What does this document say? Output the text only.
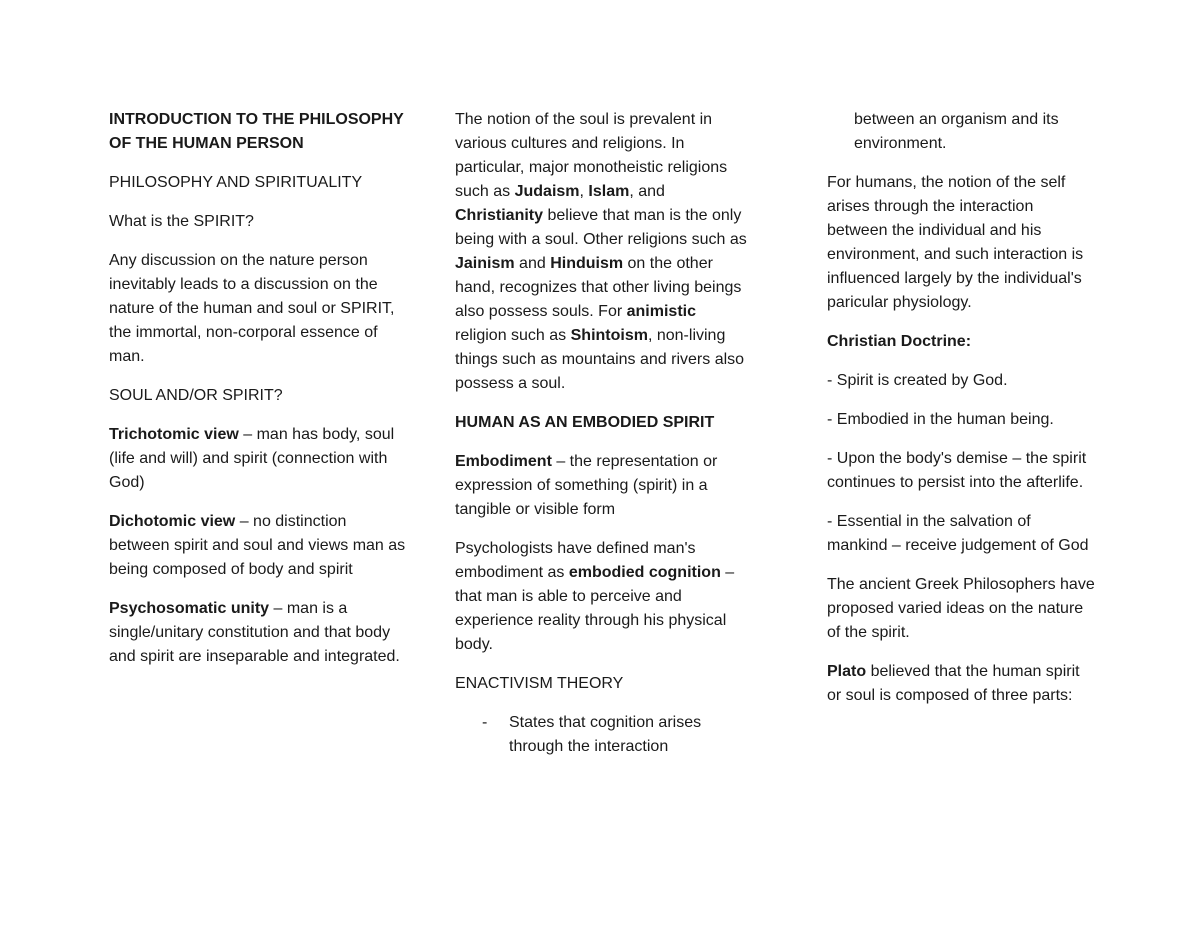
INTRODUCTION TO THE PHILOSOPHY OF THE HUMAN PERSON

PHILOSOPHY AND SPIRITUALITY

What is the SPIRIT?

Any discussion on the nature person inevitably leads to a discussion on the nature of the human and soul or SPIRIT, the immortal, non-corporal essence of man.

SOUL AND/OR SPIRIT?

Trichotomic view – man has body, soul (life and will) and spirit (connection with God)

Dichotomic view – no distinction between spirit and soul and views man as being composed of body and spirit

Psychosomatic unity – man is a single/unitary constitution and that body and spirit are inseparable and integrated.

The notion of the soul is prevalent in various cultures and religions. In particular, major monotheistic religions such as Judaism, Islam, and Christianity believe that man is the only being with a soul. Other religions such as Jainism and Hinduism on the other hand, recognizes that other living beings also possess souls. For animistic religion such as Shintoism, non-living things such as mountains and rivers also possess a soul.

HUMAN AS AN EMBODIED SPIRIT

Embodiment – the representation or expression of something (spirit) in a tangible or visible form

Psychologists have defined man's embodiment as embodied cognition – that man is able to perceive and experience reality through his physical body.

ENACTIVISM THEORY

- States that cognition arises through the interaction

between an organism and its environment.

For humans, the notion of the self arises through the interaction between the individual and his environment, and such interaction is influenced largely by the individual's paricular physiology.

Christian Doctrine:

- Spirit is created by God.

- Embodied in the human being.

- Upon the body's demise – the spirit continues to persist into the afterlife.

- Essential in the salvation of mankind – receive judgement of God

The ancient Greek Philosophers have proposed varied ideas on the nature of the spirit.

Plato believed that the human spirit or soul is composed of three parts:
